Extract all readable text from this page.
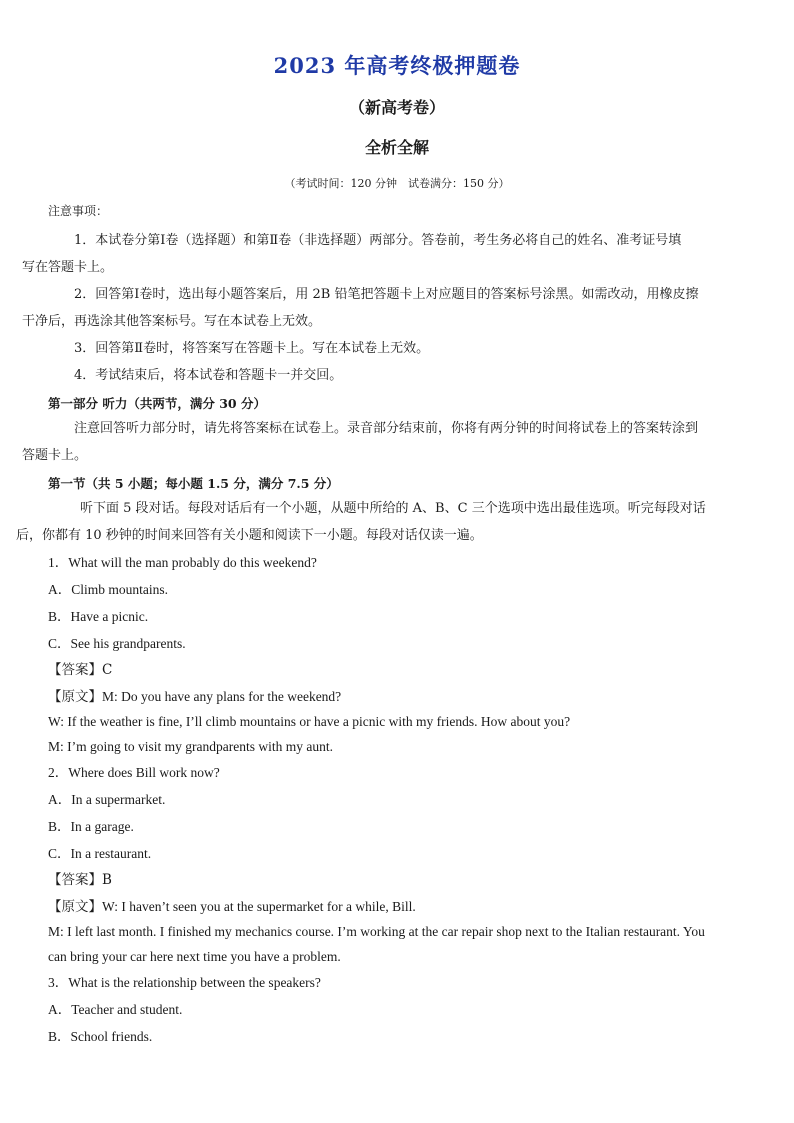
2023 年高考终极押题卷
（新高考卷）
全析全解
（考试时间：120 分钟　试卷满分：150 分）

注意事项：

1．本试卷分第Ⅰ卷（选择题）和第Ⅱ卷（非选择题）两部分。答卷前，考生务必将自己的姓名、准考证号填
写在答题卡上。

2．回答第Ⅰ卷时，选出每小题答案后，用 2B 铅笔把答题卡上对应题目的答案标号涂黑。如需改动，用橡皮擦
干净后，再选涂其他答案标号。写在本试卷上无效。

3．回答第Ⅱ卷时，将答案写在答题卡上。写在本试卷上无效。

4．考试结束后，将本试卷和答题卡一并交回。

第一部分 听力（共两节，满分 30 分）

注意回答听力部分时，请先将答案标在试卷上。录音部分结束前，你将有两分钟的时间将试卷上的答案转涂到
答题卡上。

第一节（共 5 小题；每小题 1.5 分，满分 7.5 分）

听下面 5 段对话。每段对话后有一个小题，从题中所给的 A、B、C 三个选项中选出最佳选项。听完每段对话
后，你都有 10 秒钟的时间来回答有关小题和阅读下一小题。每段对话仅读一遍。

1．What will the man probably do this weekend?

A．Climb mountains.

B．Have a picnic.

C．See his grandparents.

【答案】C

【原文】M: Do you have any plans for the weekend?

W: If the weather is fine, I’ll climb mountains or have a picnic with my friends. How about you?

M: I’m going to visit my grandparents with my aunt.

2．Where does Bill work now?

A．In a supermarket.

B．In a garage.

C．In a restaurant.

【答案】B

【原文】W: I haven’t seen you at the supermarket for a while, Bill.

M: I left last month. I finished my mechanics course. I’m working at the car repair shop next to the Italian restaurant. You

can bring your car here next time you have a problem.

3．What is the relationship between the speakers?

A．Teacher and student.

B．School friends.
